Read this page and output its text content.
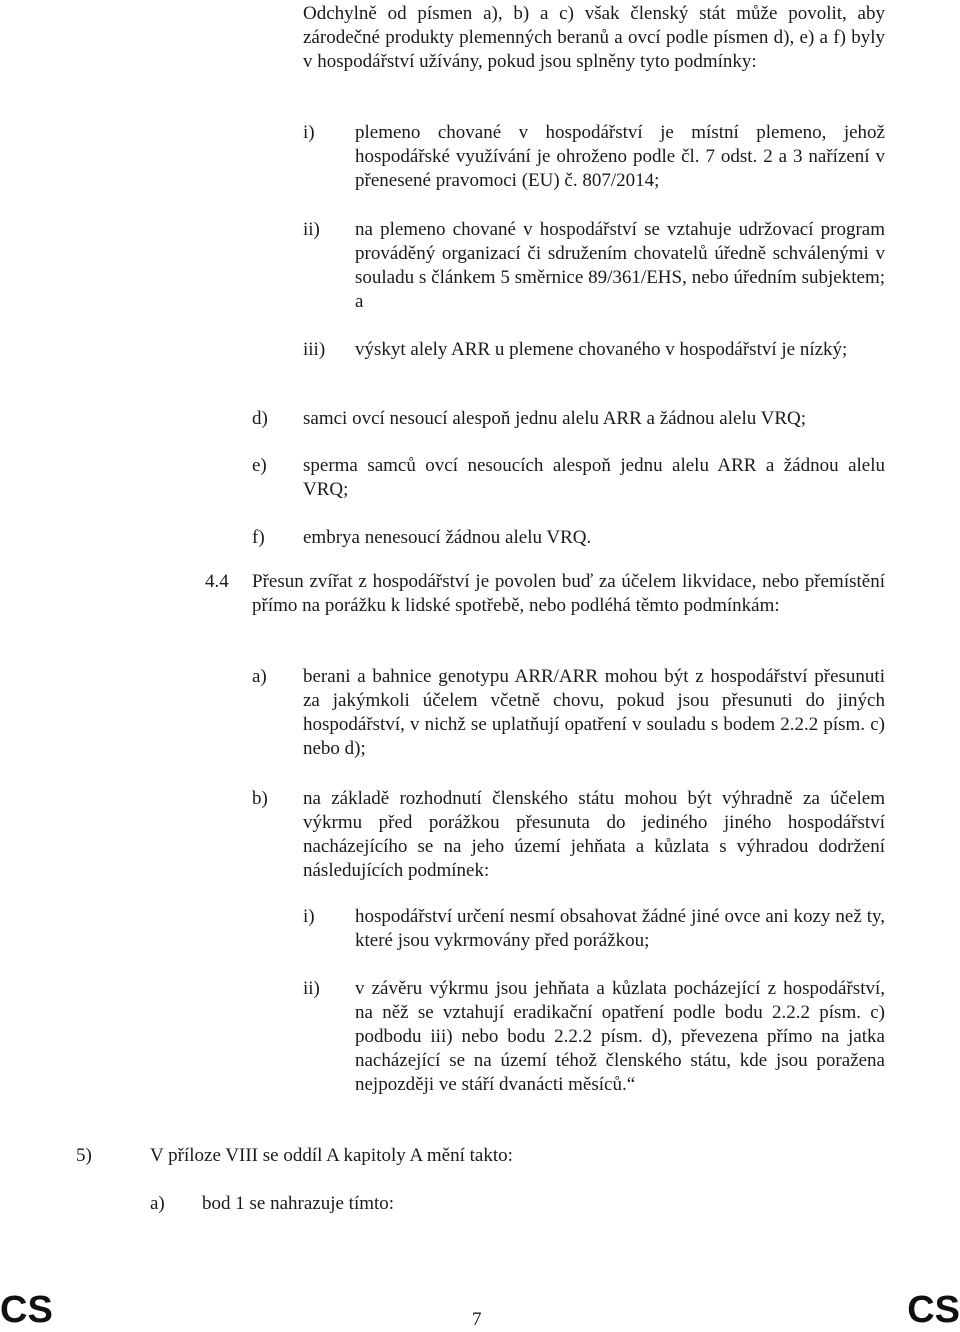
Odchylně od písmen a), b) a c) však členský stát může povolit, aby zárodečné produkty plemenných beranů a ovcí podle písmen d), e) a f) byly v hospodářství užívány, pokud jsou splněny tyto podmínky:
i) plemeno chované v hospodářství je místní plemeno, jehož hospodářské využívání je ohroženo podle čl. 7 odst. 2 a 3 nařízení v přenesené pravomoci (EU) č. 807/2014;
ii) na plemeno chované v hospodářství se vztahuje udržovací program prováděný organizací či sdružením chovatelů úředně schválenými v souladu s článkem 5 směrnice 89/361/EHS, nebo úředním subjektem; a
iii) výskyt alely ARR u plemene chovaného v hospodářství je nízký;
d) samci ovcí nesoucí alespoň jednu alelu ARR a žádnou alelu VRQ;
e) sperma samců ovcí nesoucích alespoň jednu alelu ARR a žádnou alelu VRQ;
f) embrya nenesoucí žádnou alelu VRQ.
4.4 Přesun zvířat z hospodářství je povolen buď za účelem likvidace, nebo přemístění přímo na porážku k lidské spotřebě, nebo podléhá těmto podmínkám:
a) berani a bahnice genotypu ARR/ARR mohou být z hospodářství přesunuti za jakýmkoli účelem včetně chovu, pokud jsou přesunuti do jiných hospodářství, v nichž se uplatňují opatření v souladu s bodem 2.2.2 písm. c) nebo d);
b) na základě rozhodnutí členského státu mohou být výhradně za účelem výkrmu před porážkou přesunuta do jediného jiného hospodářství nacházejícího se na jeho území jehňata a kůzlata s výhradou dodržení následujících podmínek:
i) hospodářství určení nesmí obsahovat žádné jiné ovce ani kozy než ty, které jsou vykrmovány před porážkou;
ii) v závěru výkrmu jsou jehňata a kůzlata pocházející z hospodářství, na něž se vztahují eradikační opatření podle bodu 2.2.2 písm. c) podbodu iii) nebo bodu 2.2.2 písm. d), převezena přímo na jatka nacházející se na území téhož členského státu, kde jsou poražena nejpozději ve stáří dvanácti měsíců.“
5)	V příloze VIII se oddíl A kapitoly A mění takto:
a) bod 1 se nahrazuje tímto:
CS	7	CS
